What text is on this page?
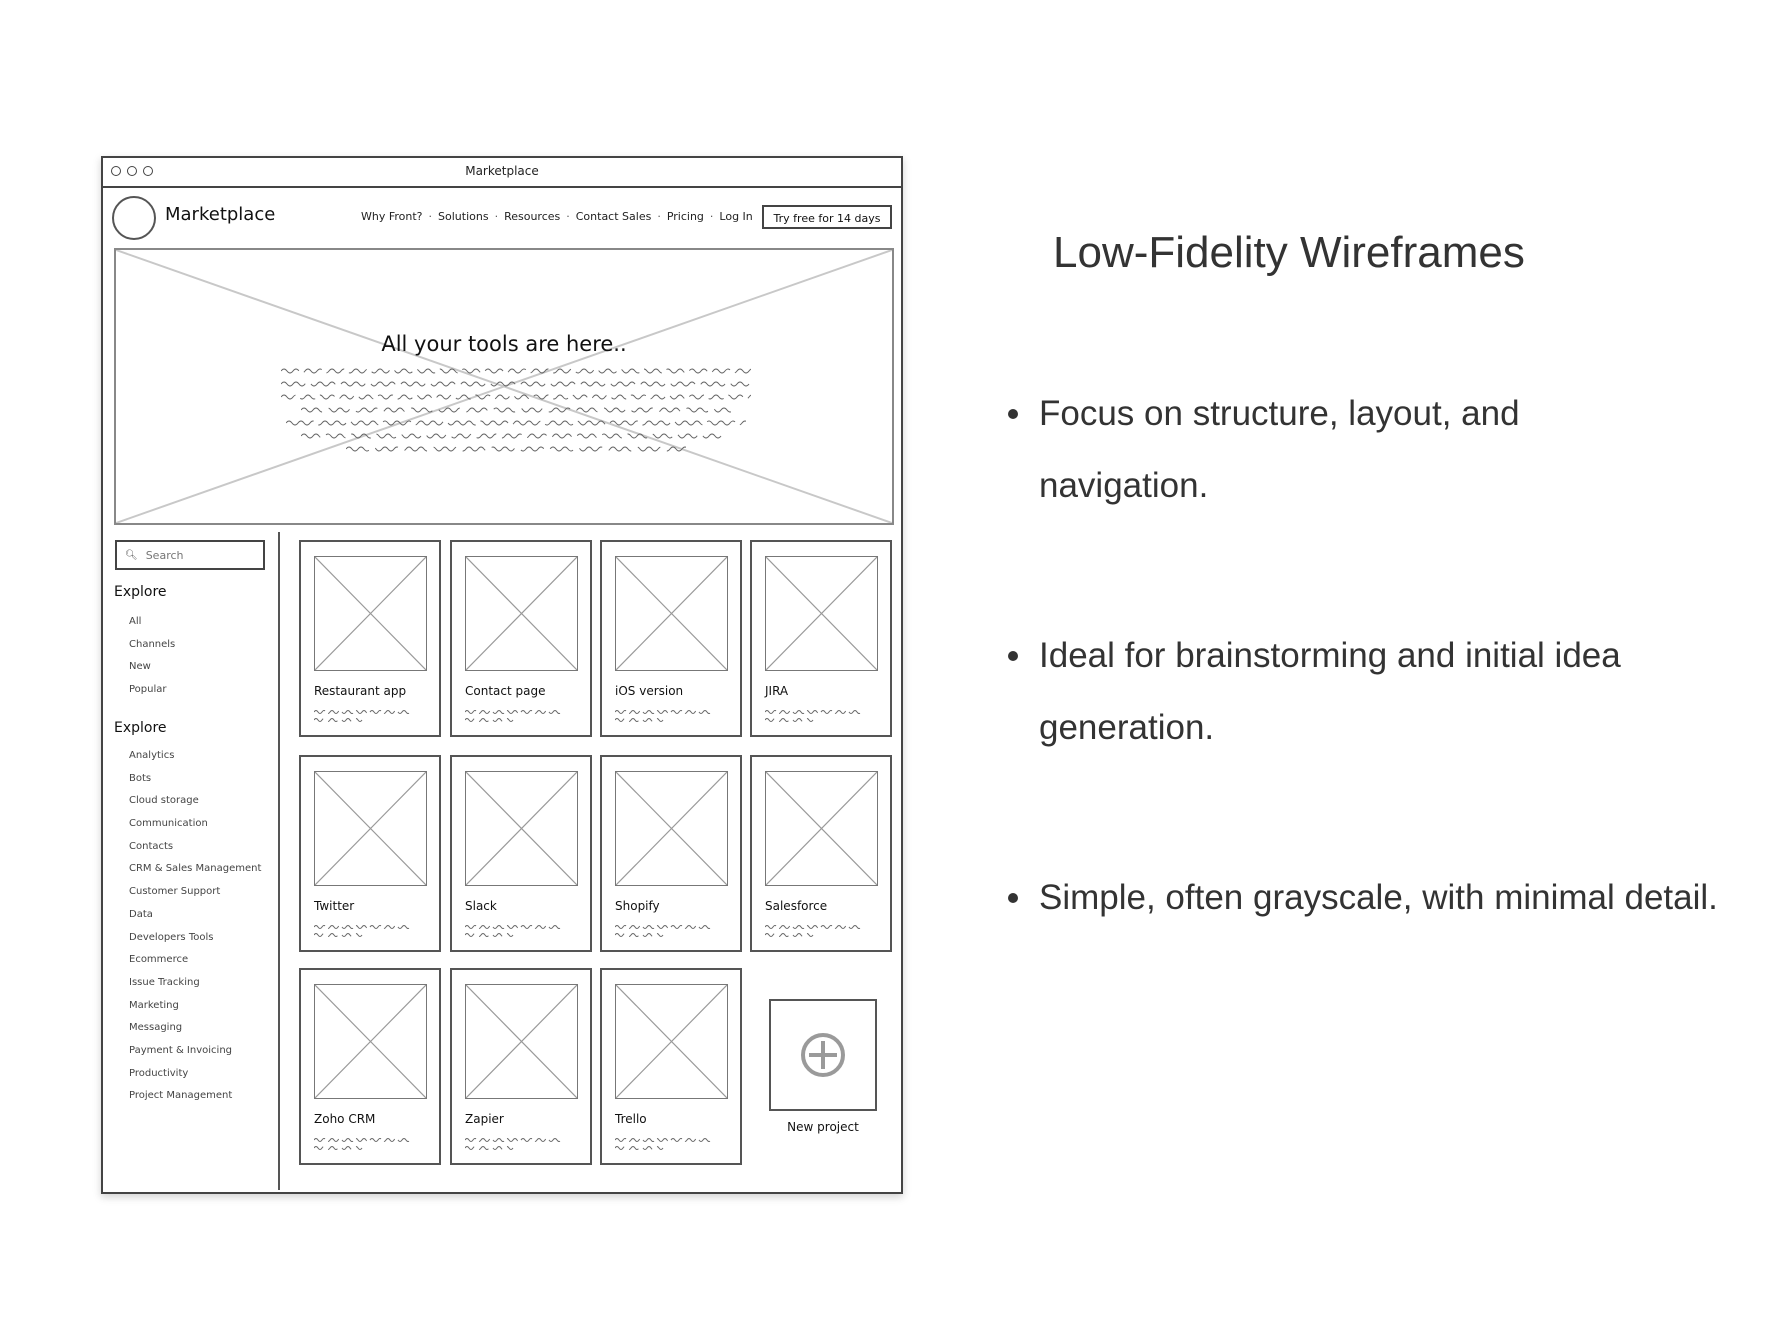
Marketplace
Marketplace	Why Front?	· Solutions	· Resources	· Contact Sales	· Pricing	· Log In	Try free for 14 days
All your tools are here..
🔍︎
Search
Explore
All
Channels
New
Popular
Explore
Analytics
Bots
Cloud storage
Communication
Contacts
CRM & Sales Management
Customer Support
Data
Developers Tools
Ecommerce
Issue Tracking
Marketing
Messaging
Payment & Invoicing
Productivity
Project Management
Restaurant app	Contact page	iOS version	JIRA
Twitter	Slack	Shopify	Salesforce
Zoho CRM	Zapier	Trello
New project
Low-Fidelity Wireframes
Focus on structure, layout, and navigation.
Ideal for brainstorming and initial idea generation.
Simple, often grayscale, with minimal detail.
